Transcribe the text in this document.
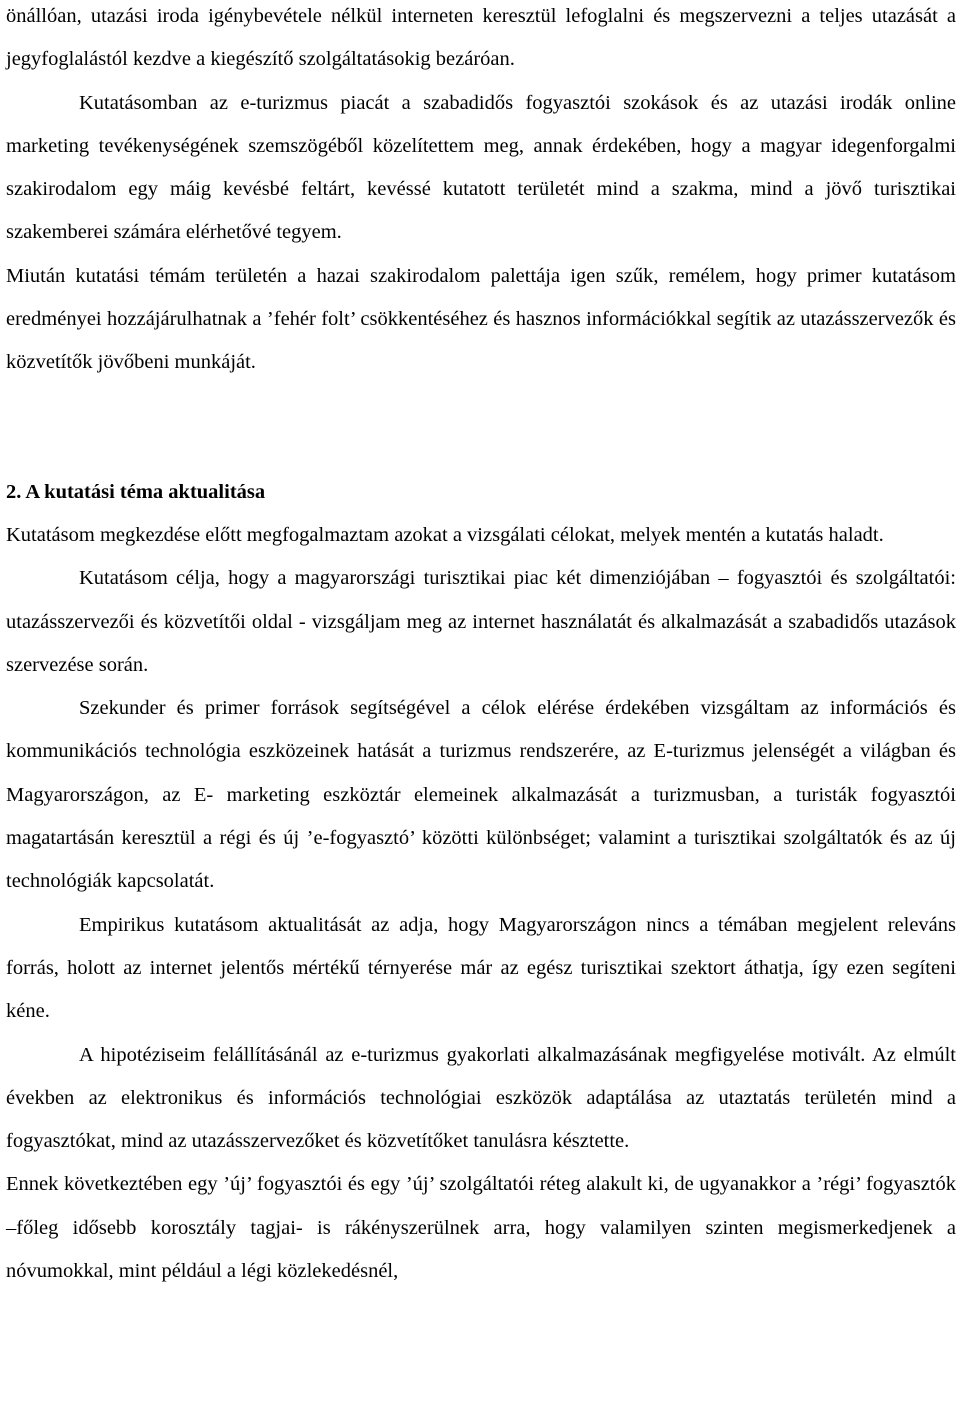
önállóan, utazási iroda igénybevétele nélkül interneten keresztül lefoglalni és megszervezni a teljes utazását a jegyfoglalástól kezdve a kiegészítő szolgáltatásokig bezáróan.

Kutatásomban az e-turizmus piacát a szabadidős fogyasztói szokások és az utazási irodák online marketing tevékenységének szemszögéből közelítettem meg, annak érdekében, hogy a magyar idegenforgalmi szakirodalom egy máig kevésbé feltárt, kevéssé kutatott területét mind a szakma, mind a jövő turisztikai szakemberei számára elérhetővé tegyem.

Miután kutatási témám területén a hazai szakirodalom palettája igen szűk, remélem, hogy primer kutatásom eredményei hozzájárulhatnak a ’fehér folt’ csökkentéséhez és hasznos információkkal segítik az utazásszervezők és közvetítők jövőbeni munkáját.

2. A kutatási téma aktualitása

Kutatásom megkezdése előtt megfogalmaztam azokat a vizsgálati célokat, melyek mentén a kutatás haladt.

Kutatásom célja, hogy a magyarországi turisztikai piac két dimenziójában – fogyasztói és szolgáltatói: utazásszervezői és közvetítői oldal - vizsgáljam meg az internet használatát és alkalmazását a szabadidős utazások szervezése során.

Szekunder és primer források segítségével a célok elérése érdekében vizsgáltam az információs és kommunikációs technológia eszközeinek hatását a turizmus rendszerére, az E-turizmus jelenségét a világban és Magyarországon, az E- marketing eszköztár elemeinek alkalmazását a turizmusban, a turisták fogyasztói magatartásán keresztül a régi és új ’e-fogyasztó’ közötti különbséget; valamint a turisztikai szolgáltatók és az új technológiák kapcsolatát.

Empirikus kutatásom aktualitását az adja, hogy Magyarországon nincs a témában megjelent releváns forrás, holott az internet jelentős mértékű térnyerése már az egész turisztikai szektort áthatja, így ezen segíteni kéne.

A hipotéziseim felállításánál az e-turizmus gyakorlati alkalmazásának megfigyelése motivált. Az elmúlt években az elektronikus és információs technológiai eszközök adaptálása az utaztatás területén mind a fogyasztókat, mind az utazásszervezőket és közvetítőket tanulásra késztette.

Ennek következtében egy ’új’ fogyasztói és egy ’új’ szolgáltatói réteg alakult ki, de ugyanakkor a ’régi’ fogyasztók –főleg idősebb korosztály tagjai- is rákényszerülnek arra, hogy valamilyen szinten megismerkedjenek a nóvumokkal, mint például a légi közlekedésnél,
